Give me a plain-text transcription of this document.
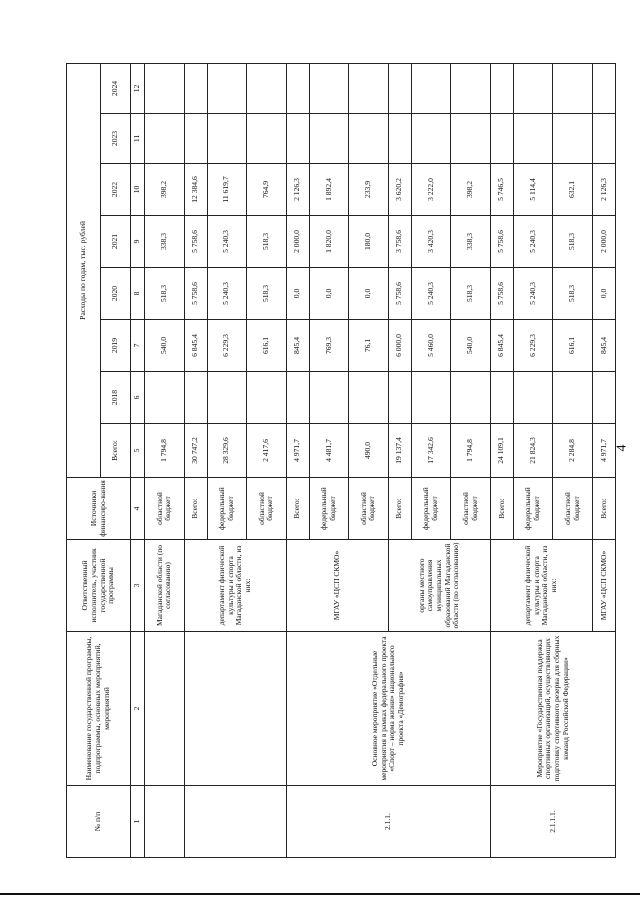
4
№ п/п	Наименование государственной программы, подпрограммы, основных мероприятий, мероприятий	Ответственный исполнитель, участник государственной программы	Источники финансиро-вания	Расходы по годам, тыс. рублей							
				Всего:	2018	2019	2020	2021	2022	2023	2024
1	2	3	4	5	6	7	8	9	10	11	12
		Магаданской области (по согласованию)	областной бюджет	1 794,8		540,0	518,3	338,3	398,2		
		департамент физической культуры и спорта Магаданской области, из них:	Всего:	30 747,2		6 845,4	5 758,6	5 758,6	12 384,6		
			федеральный бюджет	28 329,6		6 229,3	5 240,3	5 240,3	11 619,7		
			областной бюджет	2 417,6		616,1	518,3	518,3	764,9		
2.1.1.	Основное мероприятие «Отдельные мероприятия в рамках федерального проекта «Спорт – норма жизни» национального проекта «Демография»	МГАУ «ЦСП СКМО»	Всего:	4 971,7		845,4	0,0	2 000,0	2 126,3		
			федеральный бюджет	4 481,7		769,3	0,0	1 820,0	1 892,4		
			областной бюджет	490,0		76,1	0,0	180,0	233,9		
		органы местного самоуправления муниципальных образований Магаданской области (по согласованию)	Всего:	19 137,4		6 000,0	5 758,6	3 758,6	3 620,2		
			федеральный бюджет	17 342,6		5 460,0	5 240,3	3 420,3	3 222,0		
			областной бюджет	1 794,8		540,0	518,3	338,3	398,2		
2.1.1.1.	Мероприятие «Государственная поддержка спортивных организаций, осуществляющих подготовку спортивного резерва для сборных команд Российской Федерации»	департамент физической культуры и спорта Магаданской области, из них:	Всего:	24 109,1		6 845,4	5 758,6	5 758,6	5 746,5		
			федеральный бюджет	21 824,3		6 229,3	5 240,3	5 240,3	5 114,4		
			областной бюджет	2 284,8		616,1	518,3	518,3	632,1		
		МГАУ «ЦСП СКМО»	Всего:	4 971,7		845,4	0,0	2 000,0	2 126,3		
